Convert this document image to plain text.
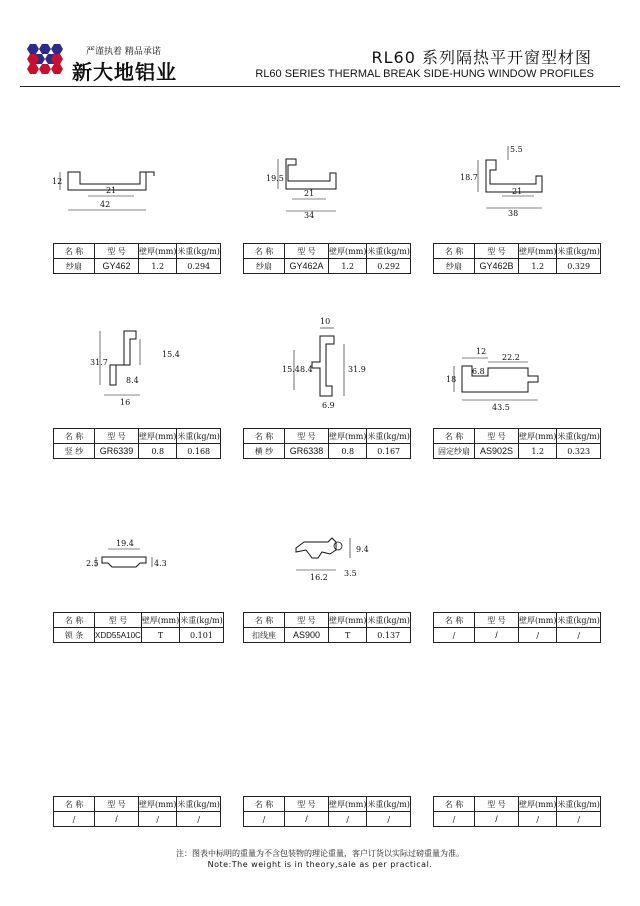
严谨执着 精品承诺
新大地铝业
RL60 系列隔热平开窗型材图
RL60 SERIES THERMAL BREAK SIDE-HUNG WINDOW PROFILES
12
21
42
19.5
21
34
18.7
5.5
21
38
31.7
15.4
8.4
16
10
15.4 8.4	31.9
6.9
12
22.2
6.8
18
43.5
19.4
2.5	4.3
9.4
16.2 3.5
名 称	型 号	壁厚(mm)	米重(kg/m)
纱扇	GY462	1.2	0.294
名 称	型 号	壁厚(mm)	米重(kg/m)
纱扇	GY462A	1.2	0.292
名 称	型 号	壁厚(mm)	米重(kg/m)
纱扇	GY462B	1.2	0.329
名 称	型 号	壁厚(mm)	米重(kg/m)
竖 纱	GR6339	0.8	0.168
名 称	型 号	壁厚(mm)	米重(kg/m)
横 纱	GR6338	0.8	0.167
名 称	型 号	壁厚(mm)	米重(kg/m)
固定纱扇	AS902S	1.2	0.323
名 称	型 号	壁厚(mm)	米重(kg/m)
锁 条	XDD55A10C	T	0.101
名 称	型 号	壁厚(mm)	米重(kg/m)
扣线座	AS900	T	0.137
名 称	型 号	壁厚(mm)	米重(kg/m)
/	/	/	/
名 称	型 号	壁厚(mm)	米重(kg/m)
/	/	/	/
名 称	型 号	壁厚(mm)	米重(kg/m)
/	/	/	/
名 称	型 号	壁厚(mm)	米重(kg/m)
/	/	/	/
注：图表中标明的重量为不含包装物的理论重量，客户订货以实际过磅重量为准。
Note:The weight is in theory,sale as per practical.
